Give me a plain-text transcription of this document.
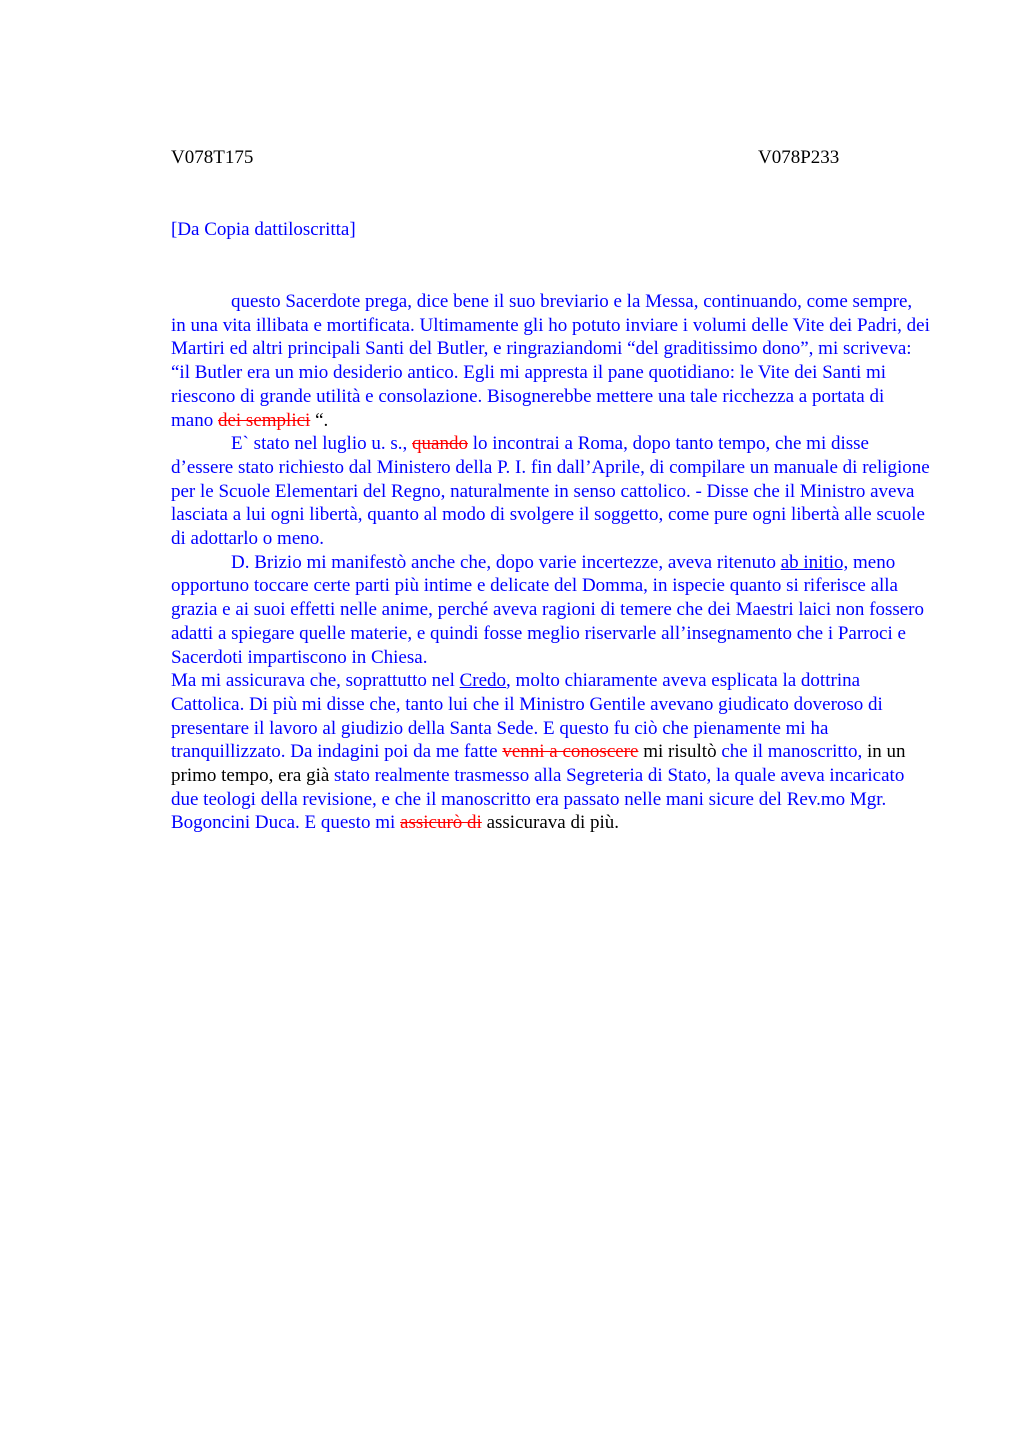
V078T175	V078P233
[Da Copia dattiloscritta]

questo Sacerdote prega, dice bene il suo breviario e la Messa, continuando, come sempre, in una vita illibata e mortificata. Ultimamente gli ho potuto inviare i volumi delle Vite dei Padri, dei Martiri ed altri principali Santi del Butler, e ringraziandomi “del graditissimo dono”, mi scriveva: “il Butler era un mio desiderio antico. Egli mi appresta il pane quotidiano: le Vite dei Santi mi riescono di grande utilità e consolazione. Bisognerebbe mettere una tale ricchezza a portata di mano dei semplici “.

E` stato nel luglio u. s., quando lo incontrai a Roma, dopo tanto tempo, che mi disse d’essere stato richiesto dal Ministero della P. I. fin dall’Aprile, di compilare un manuale di religione per le Scuole Elementari del Regno, naturalmente in senso cattolico. - Disse che il Ministro aveva lasciata a lui ogni libertà, quanto al modo di svolgere il soggetto, come pure ogni libertà alle scuole di adottarlo o meno.

D. Brizio mi manifestò anche che, dopo varie incertezze, aveva ritenuto ab initio, meno opportuno toccare certe parti più intime e delicate del Domma, in ispecie quanto si riferisce alla grazia e ai suoi effetti nelle anime, perché aveva ragioni di temere che dei Maestri laici non fossero adatti a spiegare quelle materie, e quindi fosse meglio riservarle all’insegnamento che i Parroci e Sacerdoti impartiscono in Chiesa.

Ma mi assicurava che, soprattutto nel Credo, molto chiaramente aveva esplicata la dottrina Cattolica. Di più mi disse che, tanto lui che il Ministro Gentile avevano giudicato doveroso di presentare il lavoro al giudizio della Santa Sede. E questo fu ciò che pienamente mi ha tranquillizzato. Da indagini poi da me fatte venni a conoscere mi risultò che il manoscritto, in un primo tempo, era già stato realmente trasmesso alla Segreteria di Stato, la quale aveva incaricato due teologi della revisione, e che il manoscritto era passato nelle mani sicure del Rev.mo Mgr. Bogoncini Duca. E questo mi assicurò di assicurava di più.
